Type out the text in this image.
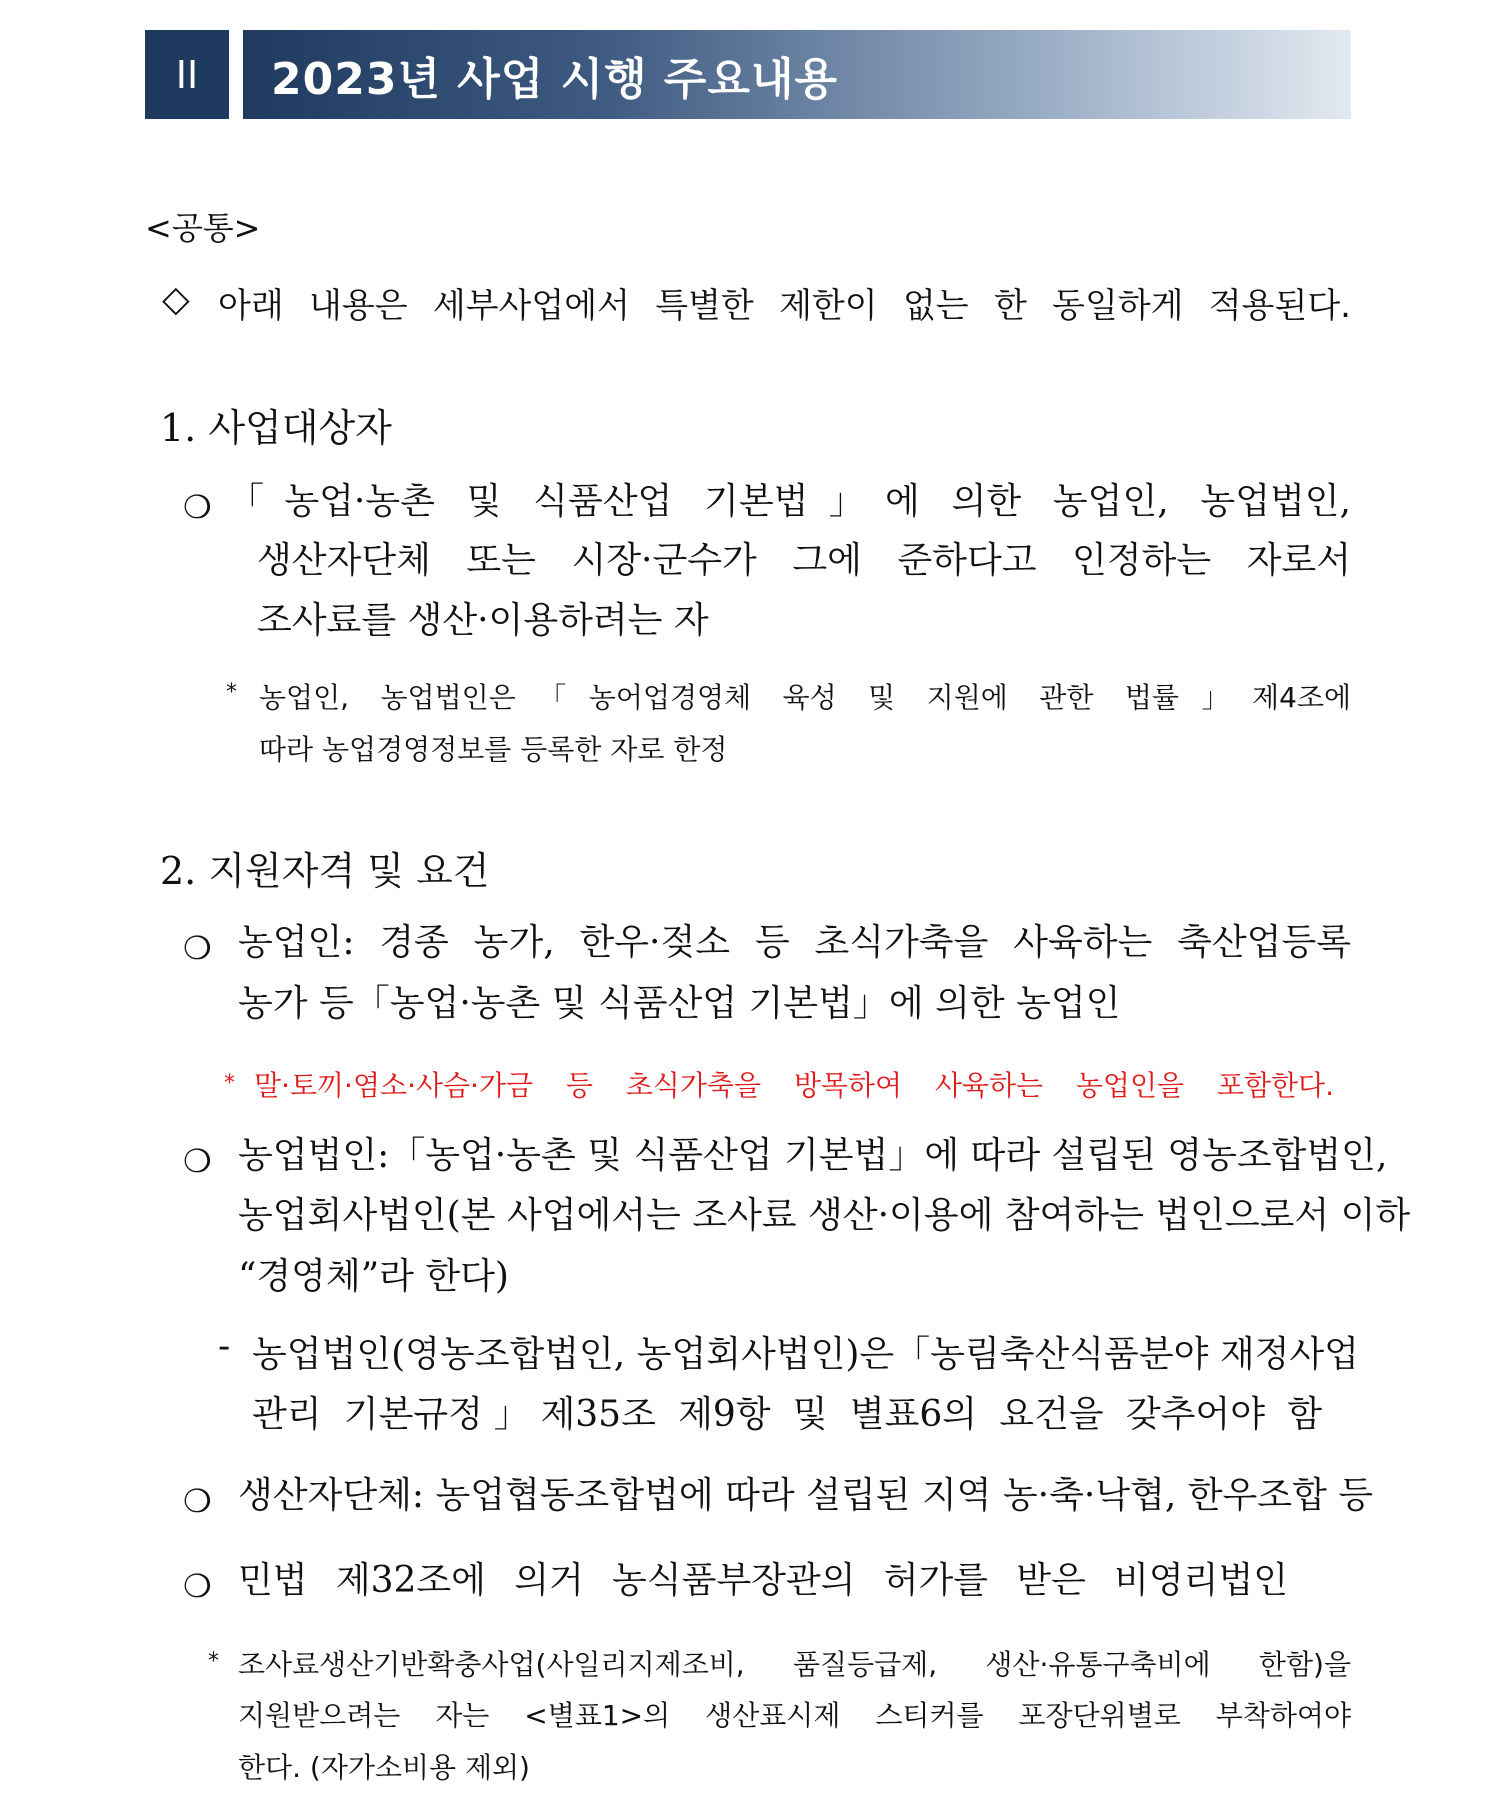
II	2023년 사업 시행 주요내용
<공통>
◇ 아래 내용은 세부사업에서 특별한 제한이 없는 한 동일하게 적용된다.
1. 사업대상자
❍ 「농업·농촌 및 식품산업 기본법」에 의한 농업인, 농업법인,
생산자단체 또는 시장·군수가 그에 준하다고 인정하는 자로서
조사료를 생산·이용하려는 자
* 농업인, 농업법인은「농어업경영체 육성 및 지원에 관한 법률」제4조에
따라 농업경영정보를 등록한 자로 한정
2. 지원자격 및 요건
❍ 농업인: 경종 농가, 한우·젖소 등 초식가축을 사육하는 축산업등록
농가 등「농업·농촌 및 식품산업 기본법」에 의한 농업인
* 말·토끼·염소·사슴·가금 등 초식가축을 방목하여 사육하는 농업인을 포함한다.
❍ 농업법인:「농업·농촌 및 식품산업 기본법」에 따라 설립된 영농조합법인,
농업회사법인(본 사업에서는 조사료 생산·이용에 참여하는 법인으로서 이하
“경영체”라 한다)
- 농업법인(영농조합법인, 농업회사법인)은「농림축산식품분야 재정사업
관리 기본규정」제35조 제9항 및 별표6의 요건을 갖추어야 함
❍ 생산자단체: 농업협동조합법에 따라 설립된 지역 농·축·낙협, 한우조합 등
❍ 민법 제32조에 의거 농식품부장관의 허가를 받은 비영리법인
* 조사료생산기반확충사업(사일리지제조비, 품질등급제, 생산·유통구축비에 한함)을
지원받으려는 자는 <별표1>의 생산표시제 스티커를 포장단위별로 부착하여야
한다. (자가소비용 제외)
